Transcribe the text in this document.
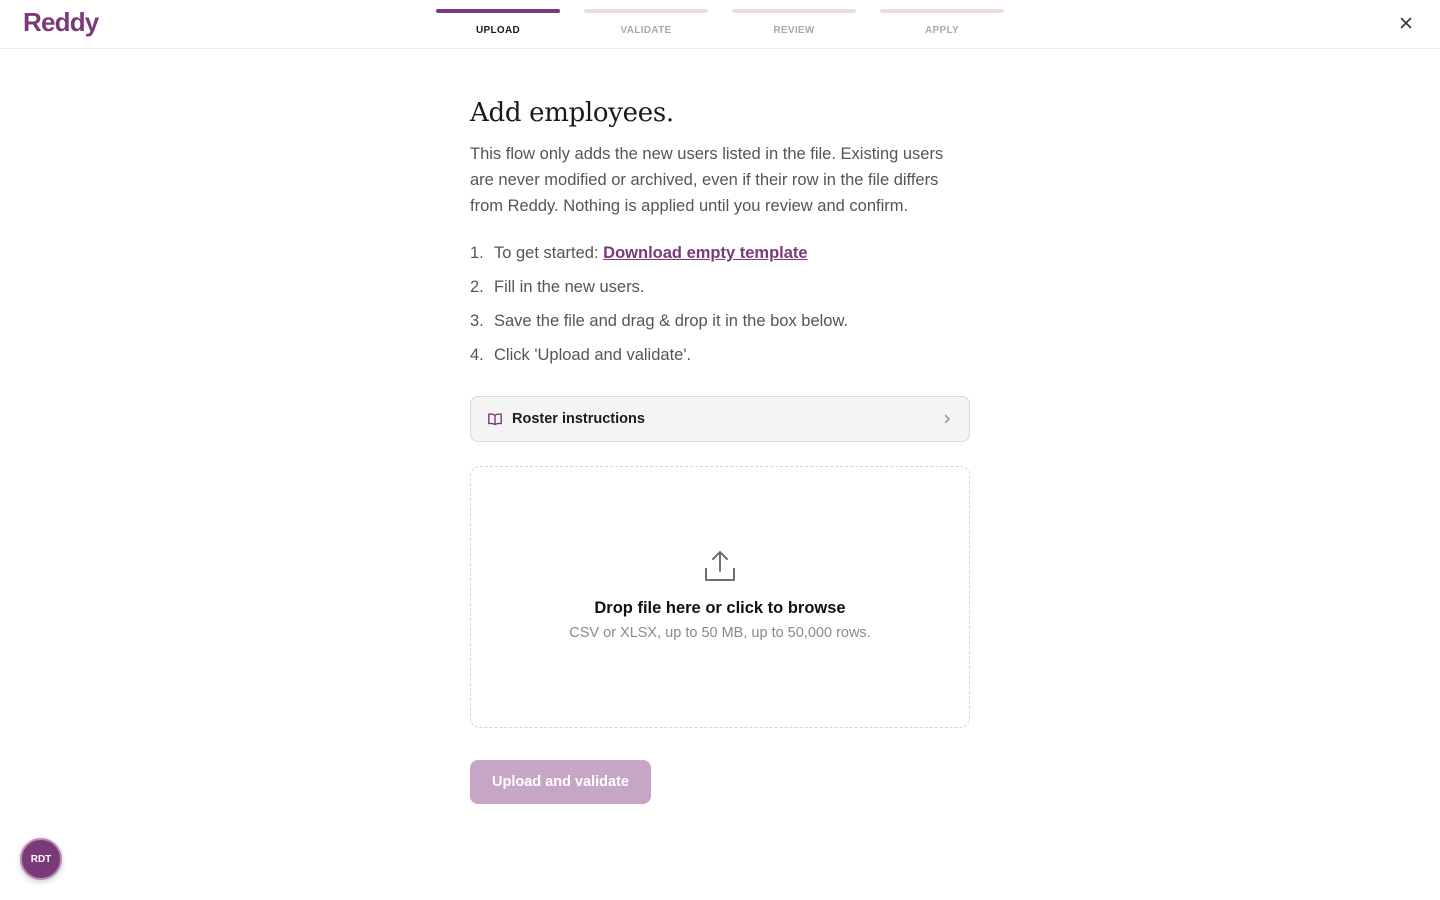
Reddy	UPLOAD	VALIDATE	REVIEW	APPLY
Add employees.

This flow only adds the new users listed in the file. Existing users are never modified or archived, even if their row in the file differs from Reddy. Nothing is applied until you review and confirm.

1. To get started: Download empty template
2. Fill in the new users.
3. Save the file and drag & drop it in the box below.
4. Click 'Upload and validate'.
Roster instructions
Drop file here or click to browse
CSV or XLSX, up to 50 MB, up to 50,000 rows.
Upload and validate
RDT
